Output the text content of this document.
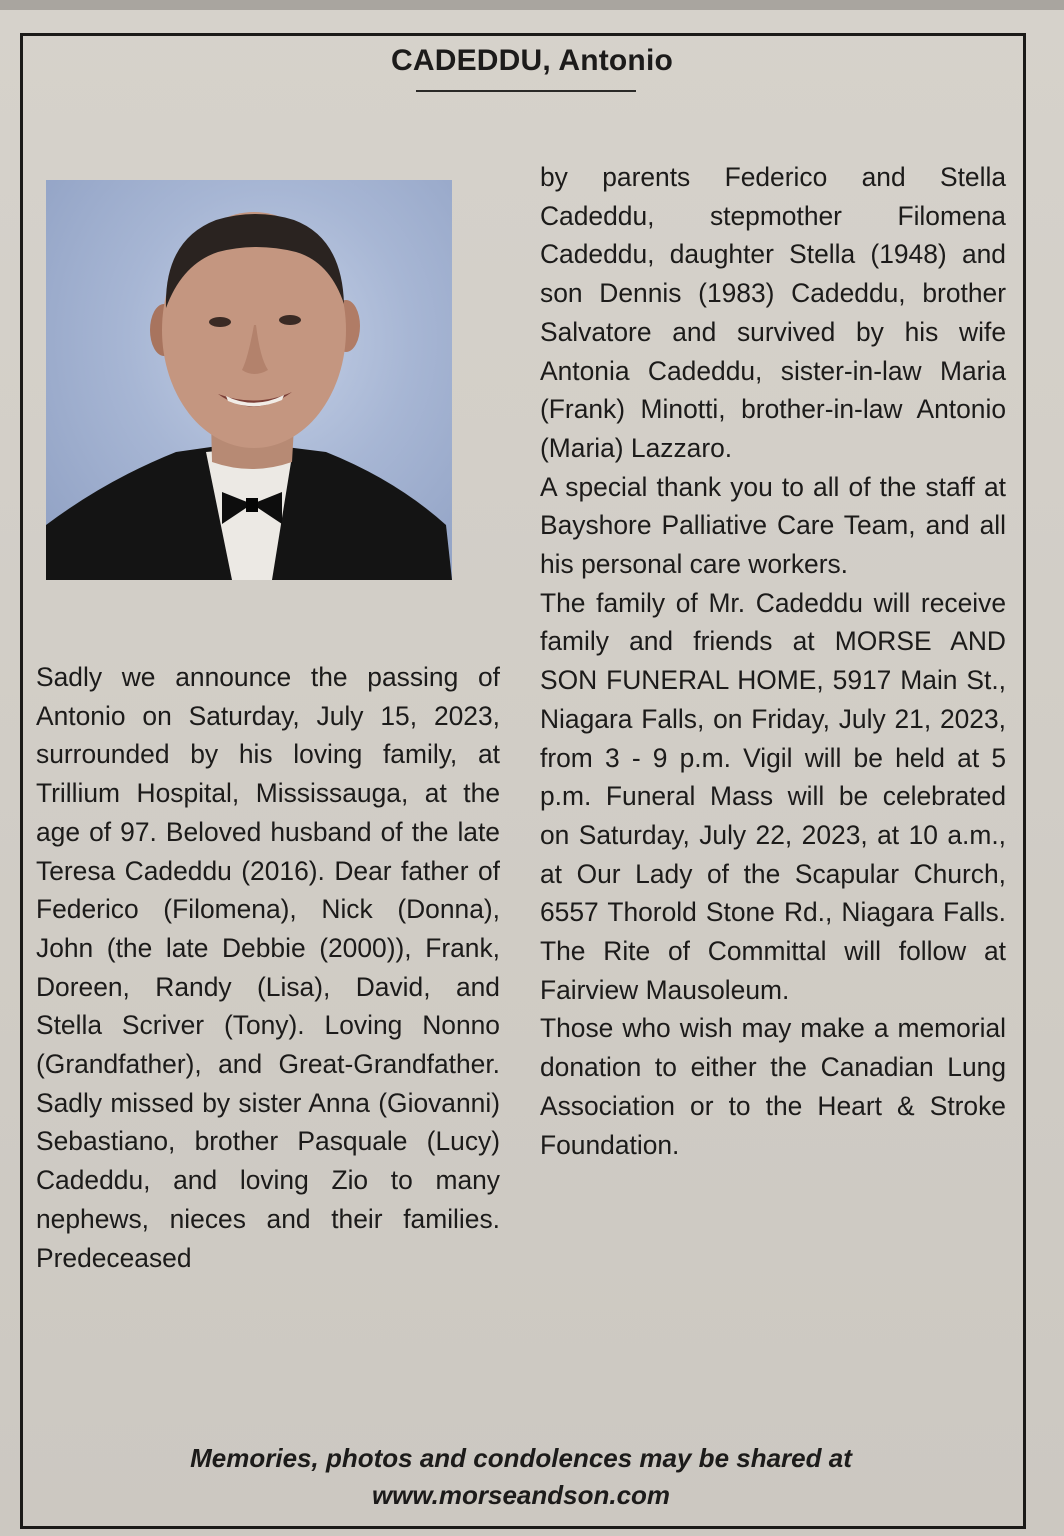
CADEDDU, Antonio

Sadly we announce the passing of Antonio on Saturday, July 15, 2023, surrounded by his loving family, at Trillium Hospital, Mississauga, at the age of 97. Beloved husband of the late Teresa Cadeddu (2016). Dear father of Federico (Filomena), Nick (Donna), John (the late Debbie (2000)), Frank, Doreen, Randy (Lisa), David, and Stella Scriver (Tony). Loving Nonno (Grandfather), and Great-Grandfather. Sadly missed by sister Anna (Giovanni) Sebastiano, brother Pasquale (Lucy) Cadeddu, and loving Zio to many nephews, nieces and their families. Predeceased

by parents Federico and Stella Cadeddu, stepmother Filomena Cadeddu, daughter Stella (1948) and son Dennis (1983) Cadeddu, brother Salvatore and survived by his wife Antonia Cadeddu, sister-in-law Maria (Frank) Minotti, brother-in-law Antonio (Maria) Lazzaro.

A special thank you to all of the staff at Bayshore Palliative Care Team, and all his personal care workers.

The family of Mr. Cadeddu will receive family and friends at MORSE AND SON FUNERAL HOME, 5917 Main St., Niagara Falls, on Friday, July 21, 2023, from 3 - 9 p.m. Vigil will be held at 5 p.m. Funeral Mass will be celebrated on Saturday, July 22, 2023, at 10 a.m., at Our Lady of the Scapular Church, 6557 Thorold Stone Rd., Niagara Falls. The Rite of Committal will follow at Fairview Mausoleum.

Those who wish may make a memorial donation to either the Canadian Lung Association or to the Heart & Stroke Foundation.

Memories, photos and condolences may be shared at
www.morseandson.com
